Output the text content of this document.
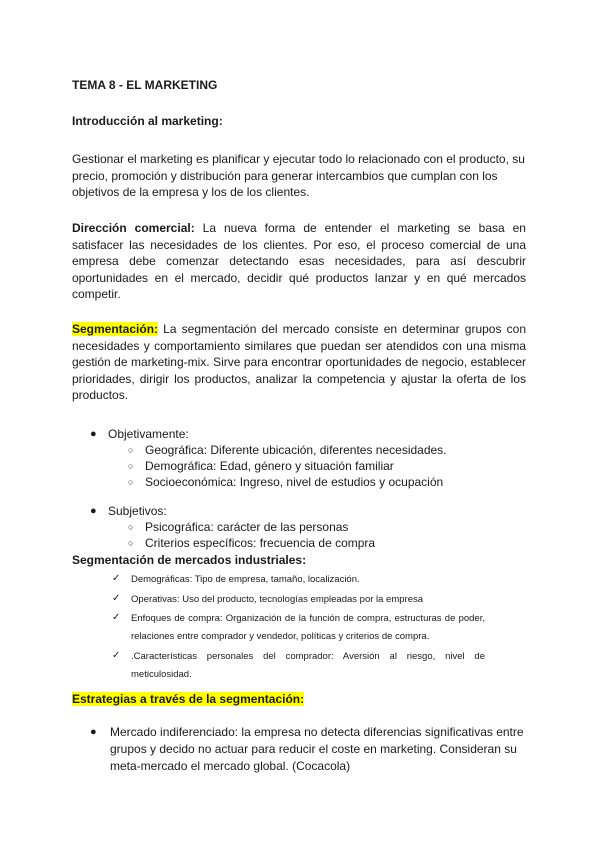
TEMA 8 - EL MARKETING
Introducción al marketing:

Gestionar el marketing es planificar y ejecutar todo lo relacionado con el producto, su precio, promoción y distribución para generar intercambios que cumplan con los objetivos de la empresa y los de los clientes.

Dirección comercial: La nueva forma de entender el marketing se basa en satisfacer las necesidades de los clientes. Por eso, el proceso comercial de una empresa debe comenzar detectando esas necesidades, para así descubrir oportunidades en el mercado, decidir qué productos lanzar y en qué mercados competir.

Segmentación: La segmentación del mercado consiste en determinar grupos con necesidades y comportamiento similares que puedan ser atendidos con una misma gestión de marketing-mix. Sirve para encontrar oportunidades de negocio, establecer prioridades, dirigir los productos, analizar la competencia y ajustar la oferta de los productos.

● Objetivamente:
○ Geográfica: Diferente ubicación, diferentes necesidades.
○ Demográfica: Edad, género y situación familiar
○ Socioeconómica: Ingreso, nivel de estudios y ocupación
● Subjetivos:
○ Psicográfica: carácter de las personas
○ Criterios específicos: frecuencia de compra
Segmentación de mercados industriales:
✓ Demográficas: Tipo de empresa, tamaño, localización.
✓ Operativas: Uso del producto, tecnologías empleadas por la empresa
✓ Enfoques de compra: Organización de la función de compra, estructuras de poder, relaciones entre comprador y vendedor, políticas y criterios de compra.
✓ .Características personales del comprador: Aversión al riesgo, nivel de meticulosidad.
Estrategias a través de la segmentación:
● Mercado indiferenciado: la empresa no detecta diferencias significativas entre grupos y decido no actuar para reducir el coste en marketing. Consideran su meta-mercado el mercado global. (Cocacola)
